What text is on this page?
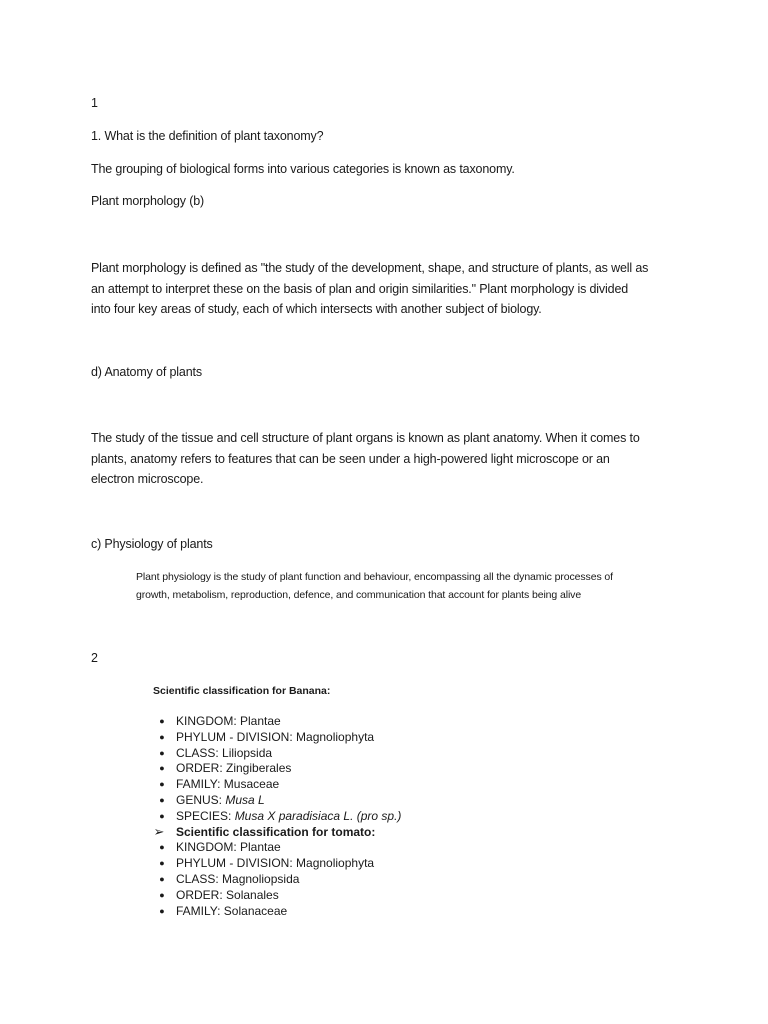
1
1. What is the definition of plant taxonomy?
The grouping of biological forms into various categories is known as taxonomy.
Plant morphology (b)
Plant morphology is defined as "the study of the development, shape, and structure of plants, as well as
an attempt to interpret these on the basis of plan and origin similarities." Plant morphology is divided
into four key areas of study, each of which intersects with another subject of biology.
d) Anatomy of plants
The study of the tissue and cell structure of plant organs is known as plant anatomy. When it comes to
plants, anatomy refers to features that can be seen under a high-powered light microscope or an
electron microscope.
c) Physiology of plants
Plant physiology is the study of plant function and behaviour, encompassing all the dynamic processes of
growth, metabolism, reproduction, defence, and communication that account for plants being alive
2
Scientific classification for Banana:
● KINGDOM: Plantae
● PHYLUM - DIVISION: Magnoliophyta
● CLASS: Liliopsida
● ORDER: Zingiberales
● FAMILY: Musaceae
● GENUS: Musa L
● SPECIES: Musa X paradisiaca L. (pro sp.)
➢ Scientific classification for tomato:
● KINGDOM: Plantae
● PHYLUM - DIVISION: Magnoliophyta
● CLASS: Magnoliopsida
● ORDER: Solanales
● FAMILY: Solanaceae
